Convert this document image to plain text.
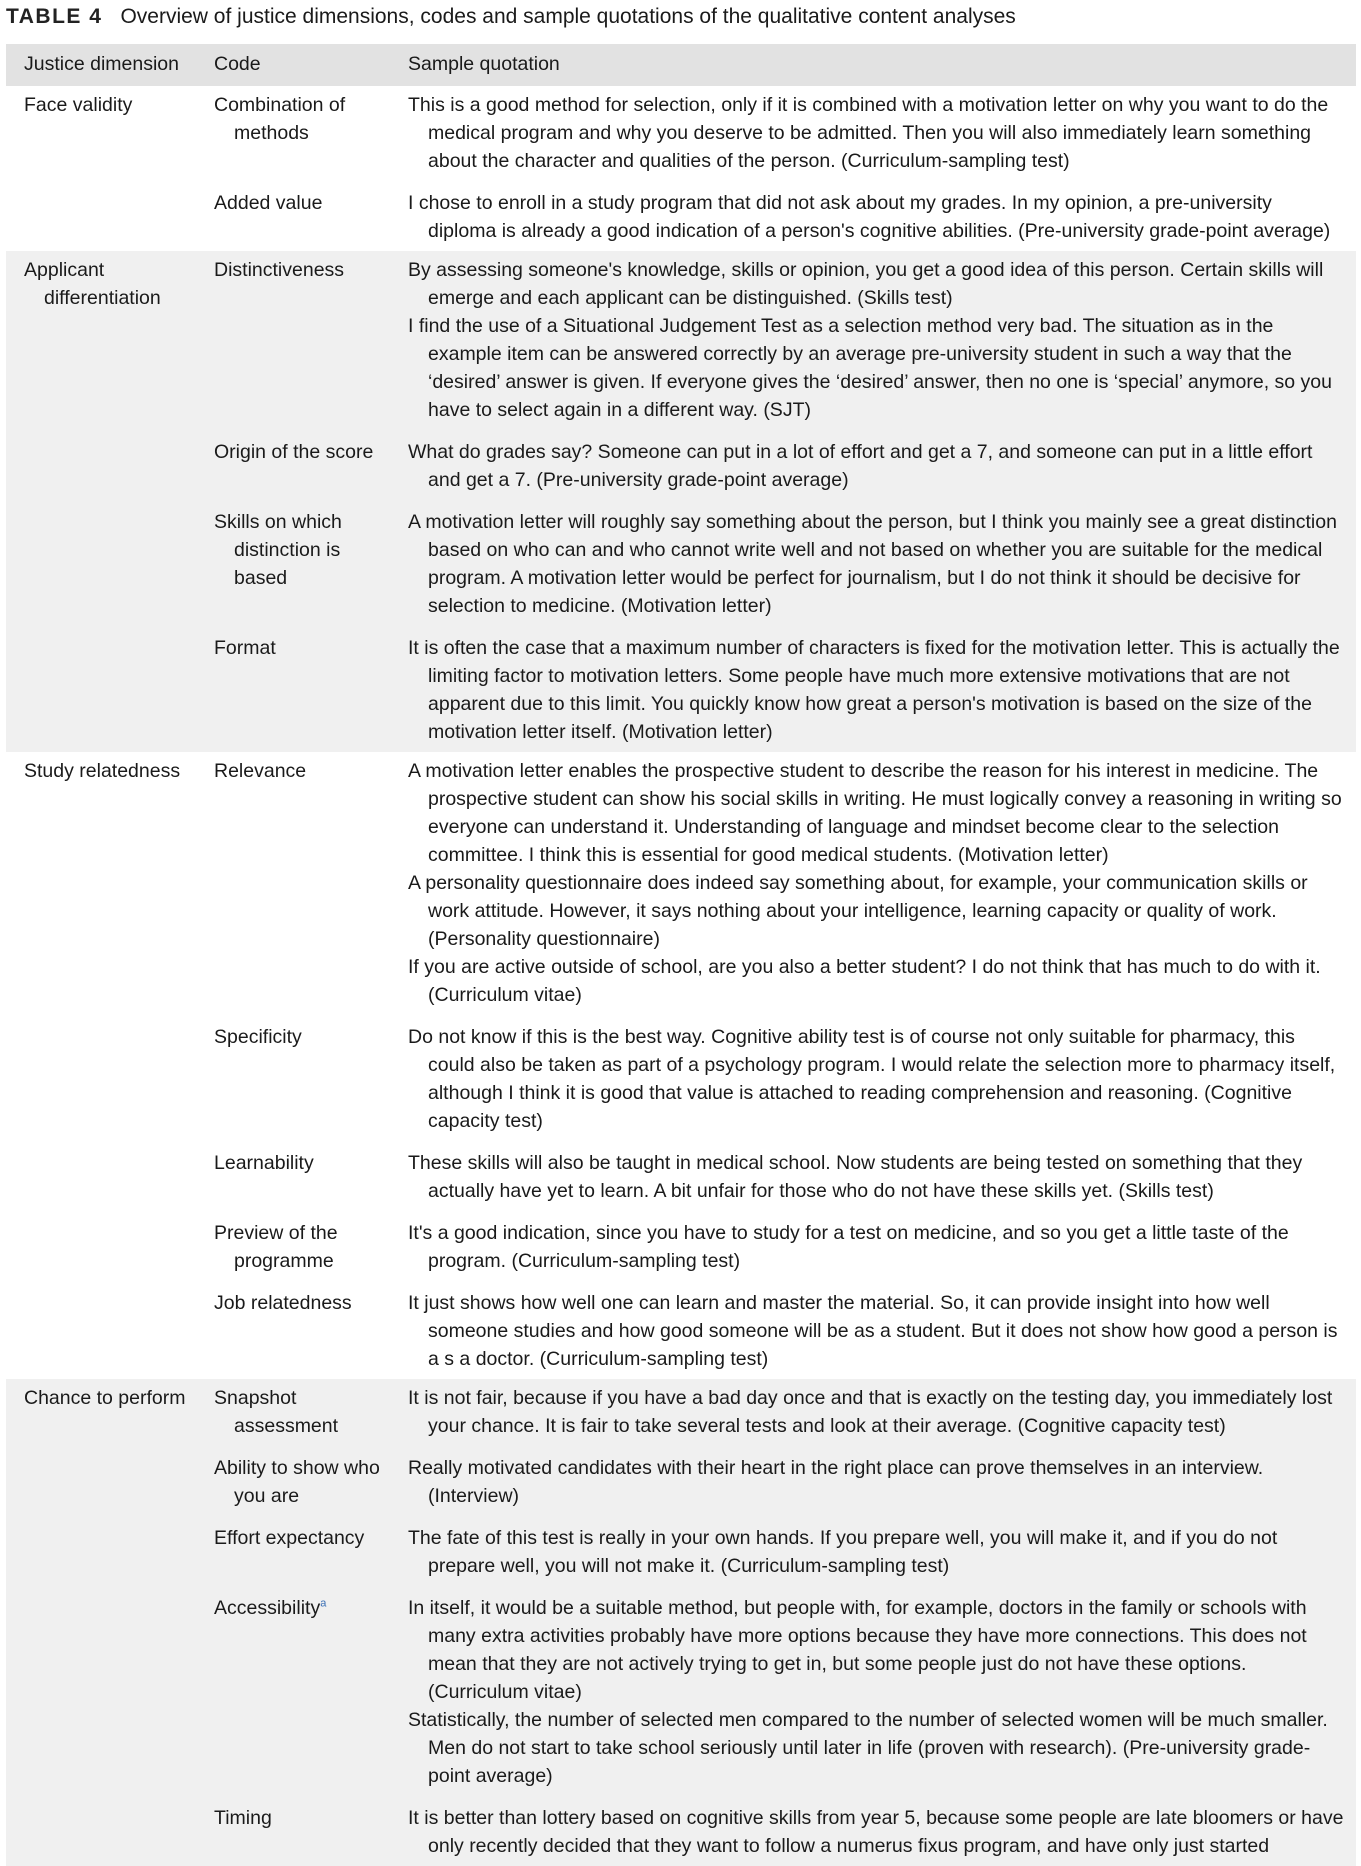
TABLE 4 Overview of justice dimensions, codes and sample quotations of the qualitative content analyses
Justice dimension	Code	Sample quotation

Face validity	Combination of methods	This is a good method for selection, only if it is combined with a motivation letter on why you want to do the medical program and why you deserve to be admitted. Then you will also immediately learn something about the character and qualities of the person. (Curriculum-sampling test)

	Added value	I chose to enroll in a study program that did not ask about my grades. In my opinion, a pre-university diploma is already a good indication of a person's cognitive abilities. (Pre-university grade-point average)

Applicant differentiation	Distinctiveness	By assessing someone's knowledge, skills or opinion, you get a good idea of this person. Certain skills will emerge and each applicant can be distinguished. (Skills test)
I find the use of a Situational Judgement Test as a selection method very bad. The situation as in the example item can be answered correctly by an average pre-university student in such a way that the ‘desired’ answer is given. If everyone gives the ‘desired’ answer, then no one is ‘special’ anymore, so you have to select again in a different way. (SJT)

	Origin of the score	What do grades say? Someone can put in a lot of effort and get a 7, and someone can put in a little effort and get a 7. (Pre-university grade-point average)

	Skills on which distinction is based	A motivation letter will roughly say something about the person, but I think you mainly see a great distinction based on who can and who cannot write well and not based on whether you are suitable for the medical program. A motivation letter would be perfect for journalism, but I do not think it should be decisive for selection to medicine. (Motivation letter)

	Format	It is often the case that a maximum number of characters is fixed for the motivation letter. This is actually the limiting factor to motivation letters. Some people have much more extensive motivations that are not apparent due to this limit. You quickly know how great a person's motivation is based on the size of the motivation letter itself. (Motivation letter)

Study relatedness	Relevance	A motivation letter enables the prospective student to describe the reason for his interest in medicine. The prospective student can show his social skills in writing. He must logically convey a reasoning in writing so everyone can understand it. Understanding of language and mindset become clear to the selection committee. I think this is essential for good medical students. (Motivation letter)
A personality questionnaire does indeed say something about, for example, your communication skills or work attitude. However, it says nothing about your intelligence, learning capacity or quality of work. (Personality questionnaire)
If you are active outside of school, are you also a better student? I do not think that has much to do with it. (Curriculum vitae)

	Specificity	Do not know if this is the best way. Cognitive ability test is of course not only suitable for pharmacy, this could also be taken as part of a psychology program. I would relate the selection more to pharmacy itself, although I think it is good that value is attached to reading comprehension and reasoning. (Cognitive capacity test)

	Learnability	These skills will also be taught in medical school. Now students are being tested on something that they actually have yet to learn. A bit unfair for those who do not have these skills yet. (Skills test)

	Preview of the programme	It's a good indication, since you have to study for a test on medicine, and so you get a little taste of the program. (Curriculum-sampling test)

	Job relatedness	It just shows how well one can learn and master the material. So, it can provide insight into how well someone studies and how good someone will be as a student. But it does not show how good a person is a s a doctor. (Curriculum-sampling test)

Chance to perform	Snapshot assessment	It is not fair, because if you have a bad day once and that is exactly on the testing day, you immediately lost your chance. It is fair to take several tests and look at their average. (Cognitive capacity test)

	Ability to show who you are	Really motivated candidates with their heart in the right place can prove themselves in an interview. (Interview)

	Effort expectancy	The fate of this test is really in your own hands. If you prepare well, you will make it, and if you do not prepare well, you will not make it. (Curriculum-sampling test)

	Accessibility$^a$	In itself, it would be a suitable method, but people with, for example, doctors in the family or schools with many extra activities probably have more options because they have more connections. This does not mean that they are not actively trying to get in, but some people just do not have these options. (Curriculum vitae)
Statistically, the number of selected men compared to the number of selected women will be much smaller. Men do not start to take school seriously until later in life (proven with research). (Pre-university grade-point average)

	Timing	It is better than lottery based on cognitive skills from year 5, because some people are late bloomers or have only recently decided that they want to follow a numerus fixus program, and have only just started
